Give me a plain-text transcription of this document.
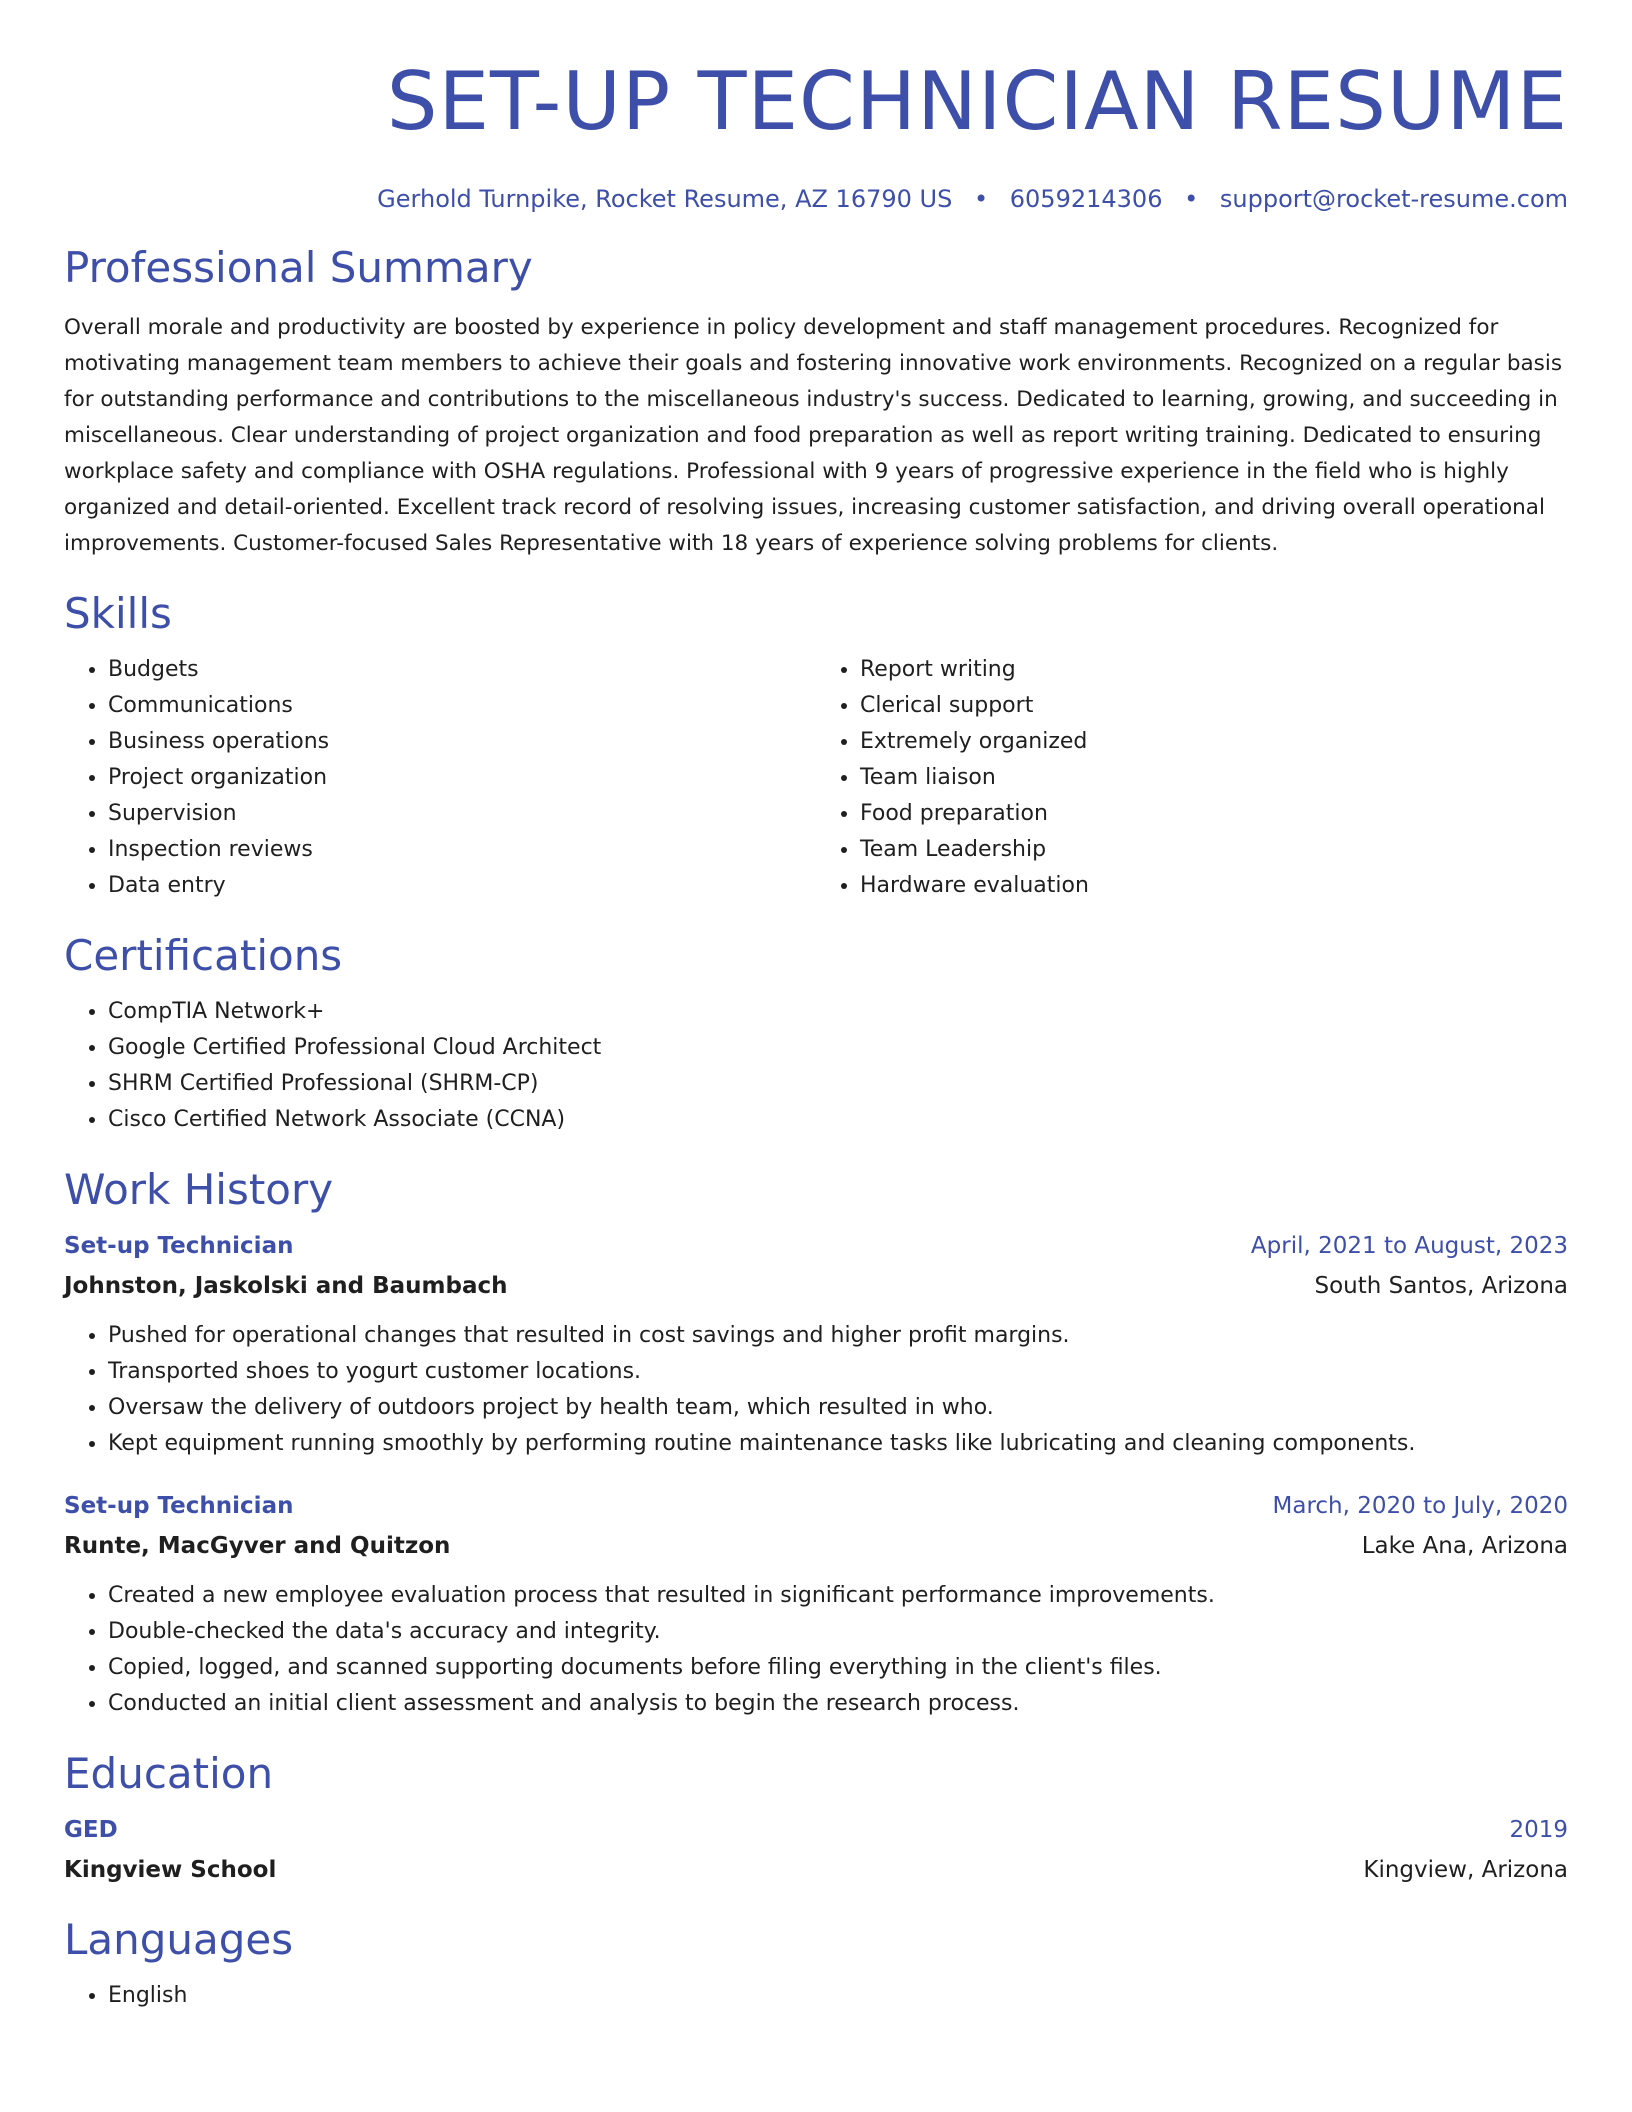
SET-UP TECHNICIAN RESUME
Gerhold Turnpike, Rocket Resume, AZ 16790 US • 6059214306 • support@rocket-resume.com
Professional Summary

Overall morale and productivity are boosted by experience in policy development and staff management procedures. Recognized for motivating management team members to achieve their goals and fostering innovative work environments. Recognized on a regular basis for outstanding performance and contributions to the miscellaneous industry's success. Dedicated to learning, growing, and succeeding in miscellaneous. Clear understanding of project organization and food preparation as well as report writing training. Dedicated to ensuring workplace safety and compliance with OSHA regulations. Professional with 9 years of progressive experience in the field who is highly organized and detail-oriented. Excellent track record of resolving issues, increasing customer satisfaction, and driving overall operational improvements. Customer-focused Sales Representative with 18 years of experience solving problems for clients.

Skills
• Budgets
• Communications
• Business operations
• Project organization
• Supervision
• Inspection reviews
• Data entry
• Report writing
• Clerical support
• Extremely organized
• Team liaison
• Food preparation
• Team Leadership
• Hardware evaluation
Certifications
• CompTIA Network+
• Google Certified Professional Cloud Architect
• SHRM Certified Professional (SHRM-CP)
• Cisco Certified Network Associate (CCNA)
Work History
Set-up Technician	April, 2021 to August, 2023
Johnston, Jaskolski and Baumbach	South Santos, Arizona
• Pushed for operational changes that resulted in cost savings and higher profit margins.
• Transported shoes to yogurt customer locations.
• Oversaw the delivery of outdoors project by health team, which resulted in who.
• Kept equipment running smoothly by performing routine maintenance tasks like lubricating and cleaning components.
Set-up Technician	March, 2020 to July, 2020
Runte, MacGyver and Quitzon	Lake Ana, Arizona
• Created a new employee evaluation process that resulted in significant performance improvements.
• Double-checked the data's accuracy and integrity.
• Copied, logged, and scanned supporting documents before filing everything in the client's files.
• Conducted an initial client assessment and analysis to begin the research process.
Education
GED	2019
Kingview School	Kingview, Arizona
Languages
• English
